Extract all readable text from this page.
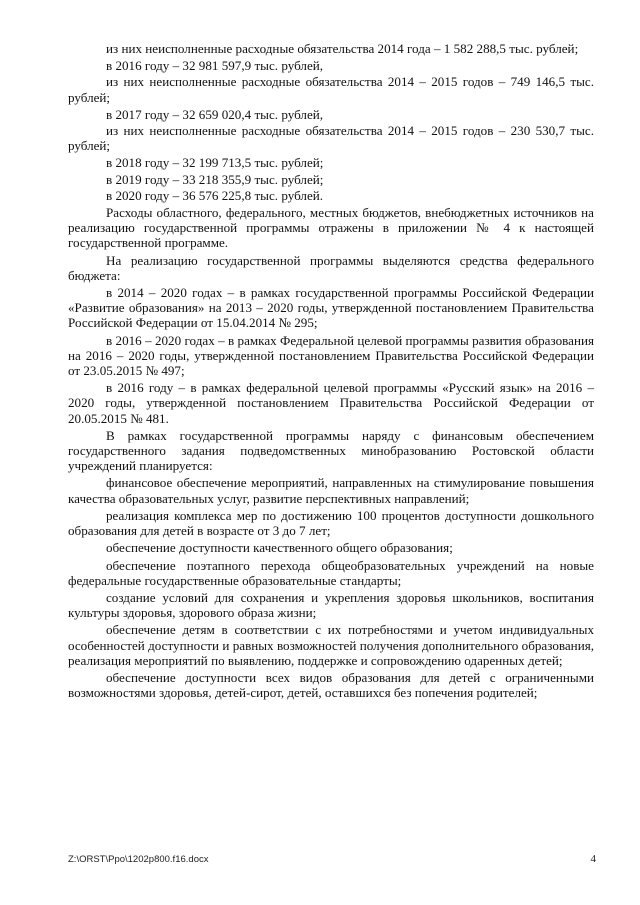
из них неисполненные расходные обязательства 2014 года – 1 582 288,5 тыс. рублей;

в 2016 году – 32 981 597,9 тыс. рублей,

из них неисполненные расходные обязательства 2014 – 2015 годов – 749 146,5 тыс. рублей;

в 2017 году – 32 659 020,4 тыс. рублей,

из них неисполненные расходные обязательства 2014 – 2015 годов – 230 530,7 тыс. рублей;

в 2018 году – 32 199 713,5 тыс. рублей;

в 2019 году – 33 218 355,9 тыс. рублей;

в 2020 году – 36 576 225,8 тыс. рублей.

Расходы областного, федерального, местных бюджетов, внебюджетных источников на реализацию государственной программы отражены в приложении № 4 к настоящей государственной программе.

На реализацию государственной программы выделяются средства федерального бюджета:

в 2014 – 2020 годах – в рамках государственной программы Российской Федерации «Развитие образования» на 2013 – 2020 годы, утвержденной постановлением Правительства Российской Федерации от 15.04.2014 № 295;

в 2016 – 2020 годах – в рамках Федеральной целевой программы развития образования на 2016 – 2020 годы, утвержденной постановлением Правительства Российской Федерации от 23.05.2015 № 497;

в 2016 году – в рамках федеральной целевой программы «Русский язык» на 2016 – 2020 годы, утвержденной постановлением Правительства Российской Федерации от 20.05.2015 № 481.

В рамках государственной программы наряду с финансовым обеспечением государственного задания подведомственных минобразованию Ростовской области учреждений планируется:

финансовое обеспечение мероприятий, направленных на стимулирование повышения качества образовательных услуг, развитие перспективных направлений;

реализация комплекса мер по достижению 100 процентов доступности дошкольного образования для детей в возрасте от 3 до 7 лет;

обеспечение доступности качественного общего образования;

обеспечение поэтапного перехода общеобразовательных учреждений на новые федеральные государственные образовательные стандарты;

создание условий для сохранения и укрепления здоровья школьников, воспитания культуры здоровья, здорового образа жизни;

обеспечение детям в соответствии с их потребностями и учетом индивидуальных особенностей доступности и равных возможностей получения дополнительного образования, реализация мероприятий по выявлению, поддержке и сопровождению одаренных детей;

обеспечение доступности всех видов образования для детей с ограниченными возможностями здоровья, детей-сирот, детей, оставшихся без попечения родителей;

Z:\ORST\Ppo\1202p800.f16.docx	4
